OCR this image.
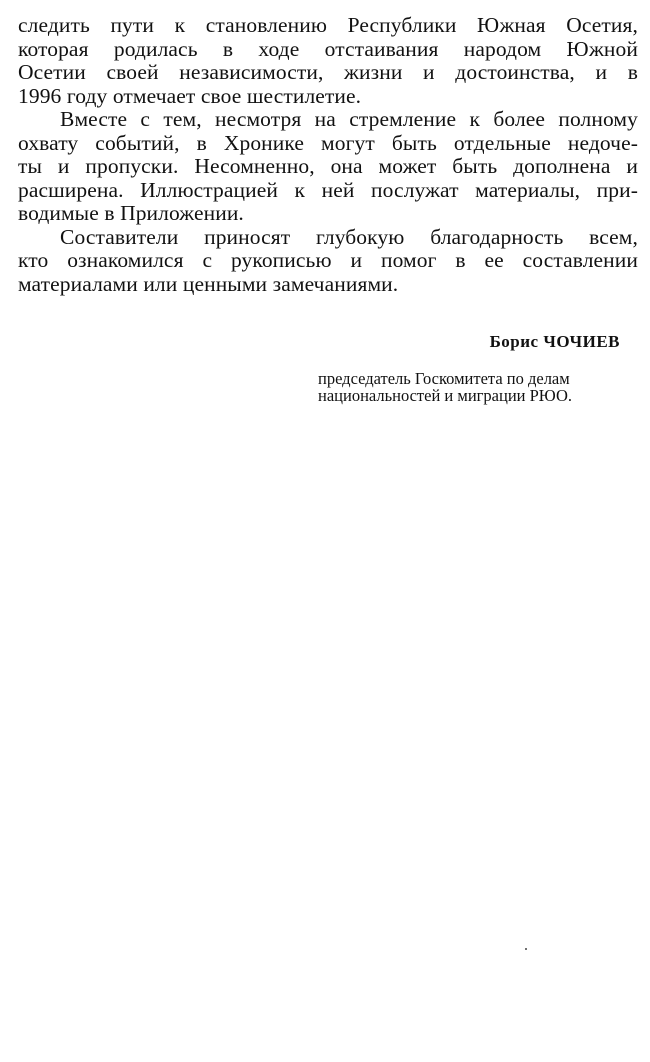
следить пути к становлению Республики Южная Осетия,
которая родилась в ходе отстаивания народом Южной
Осетии своей независимости, жизни и достоинства, и в
1996 году отмечает свое шестилетие.

Вместе с тем, несмотря на стремление к более полному
охвату событий, в Хронике могут быть отдельные недоче-
ты и пропуски. Несомненно, она может быть дополнена и
расширена. Иллюстрацией к ней послужат материалы, при-
водимые в Приложении.

Составители приносят глубокую благодарность всем,
кто ознакомился с рукописью и помог в ее составлении
материалами или ценными замечаниями.

Борис ЧОЧИЕВ
председатель Госкомитета по делам
национальностей и миграции РЮО.
